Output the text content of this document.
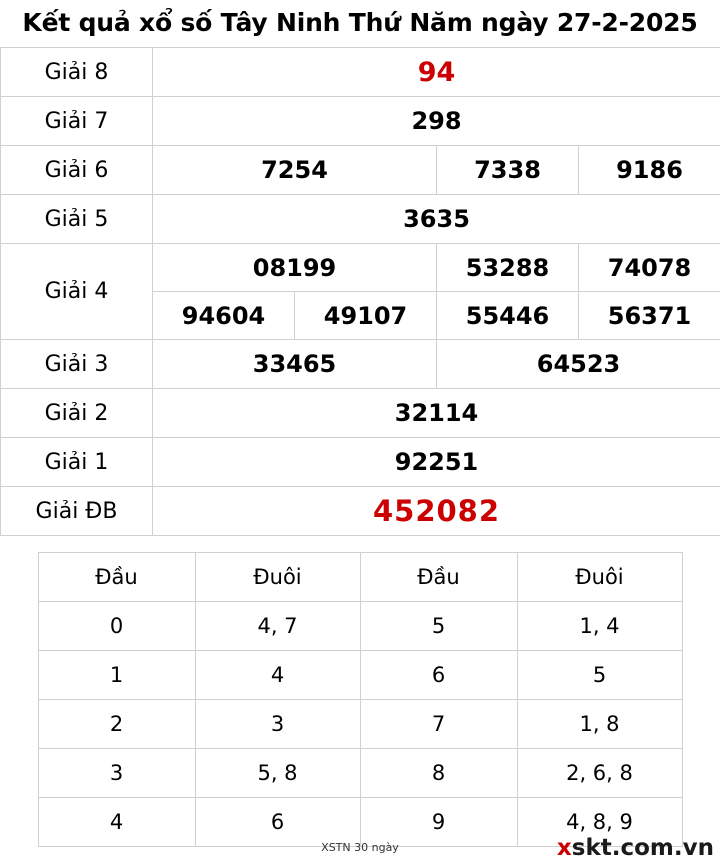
Kết quả xổ số Tây Ninh Thứ Năm ngày 27-2-2025
Giải 8	94			
Giải 7	298			
Giải 6	7254		7338	9186
Giải 5	3635			
Giải 4	08199		53288	74078
	94604	49107	55446	56371
Giải 3	33465		64523	
Giải 2	32114			
Giải 1	92251			
Giải ĐB	452082			
Đầu	Đuôi	Đầu	Đuôi
0	4, 7	5	1, 4
1	4	6	5
2	3	7	1, 8
3	5, 8	8	2, 6, 8
4	6	9	4, 8, 9
XSTN 30 ngày	xskt.com.vn
